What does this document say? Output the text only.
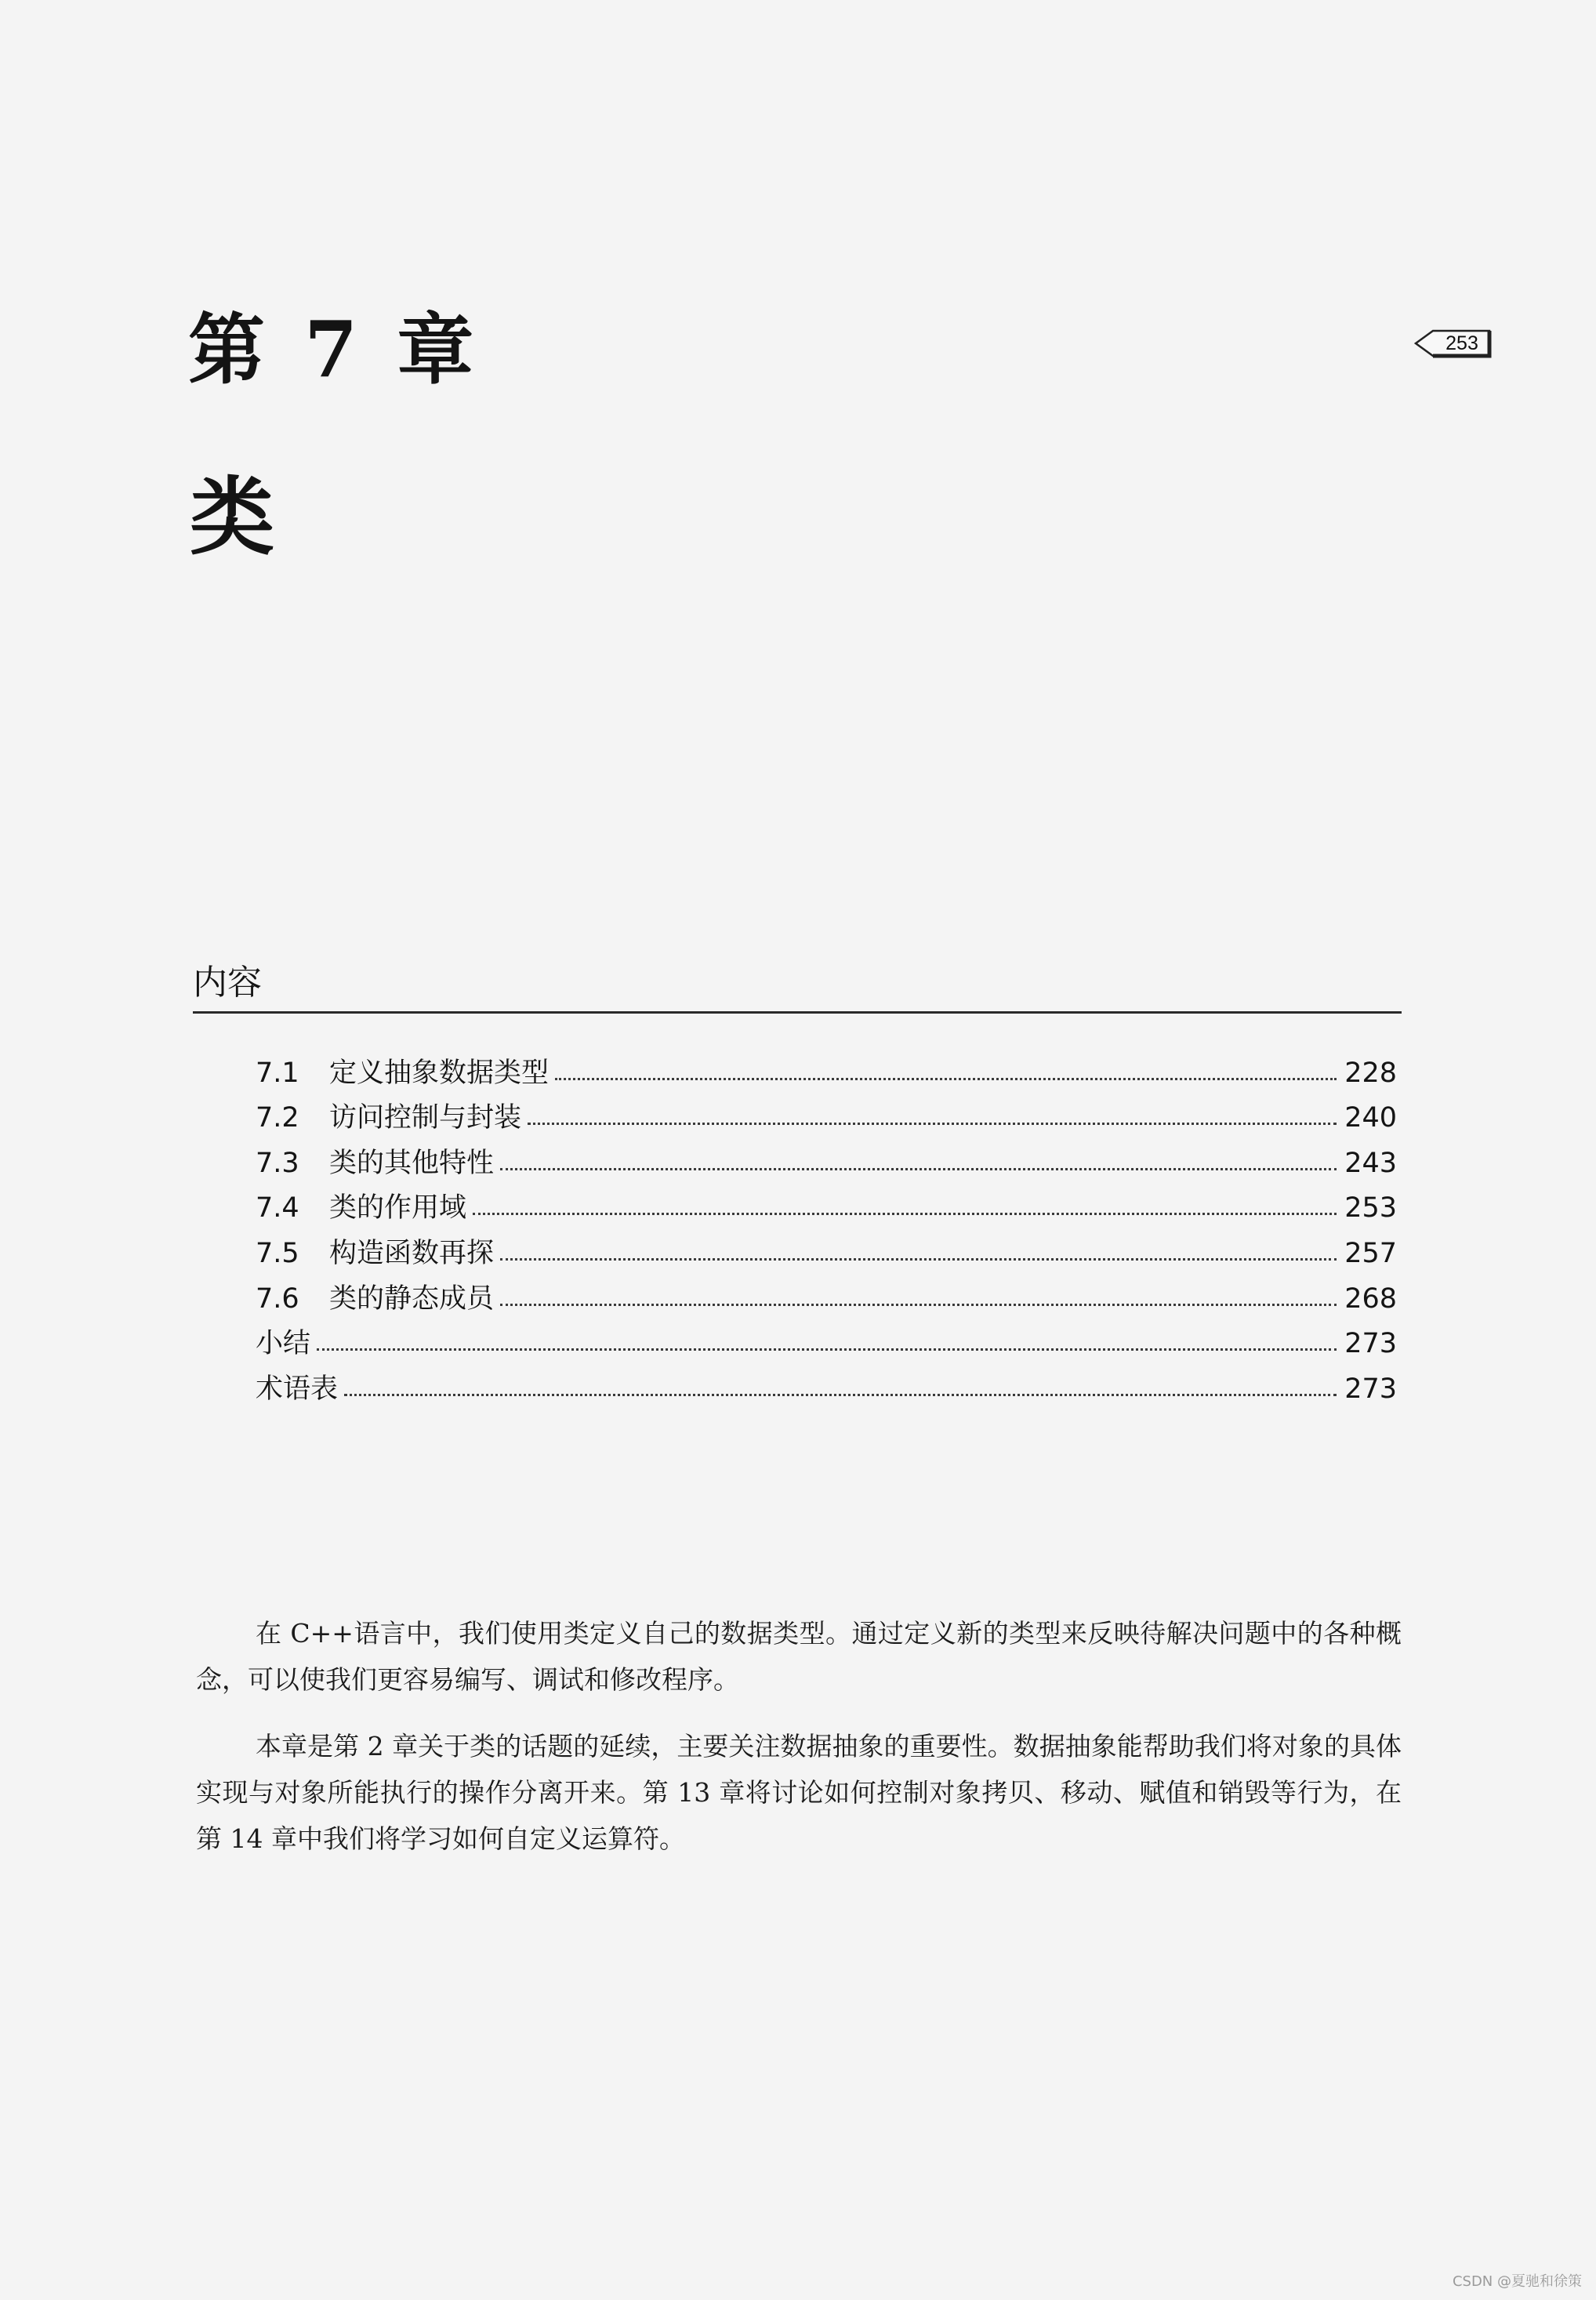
第 7 章	253
类
内容
7.1	定义抽象数据类型	228
7.2	访问控制与封装	240
7.3	类的其他特性	243
7.4	类的作用域	253
7.5	构造函数再探	257
7.6	类的静态成员	268
小结	273
术语表	273

在 C++语言中，我们使用类定义自己的数据类型。通过定义新的类型来反映待解决问题中的各种概念，可以使我们更容易编写、调试和修改程序。

本章是第 2 章关于类的话题的延续，主要关注数据抽象的重要性。数据抽象能帮助我们将对象的具体实现与对象所能执行的操作分离开来。第 13 章将讨论如何控制对象拷贝、移动、赋值和销毁等行为，在第 14 章中我们将学习如何自定义运算符。

CSDN @夏驰和徐策
